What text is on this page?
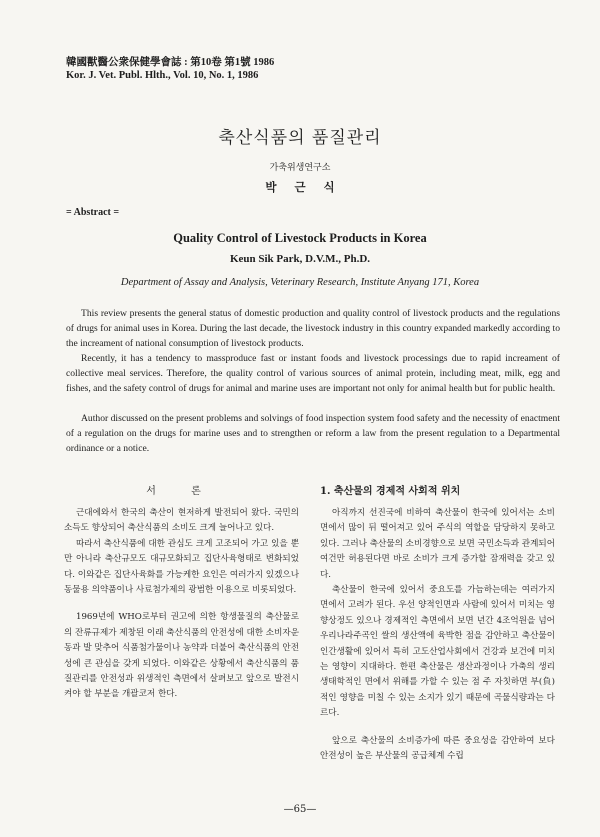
韓國獸醫公衆保健學會誌 : 第10卷 第1號 1986
Kor. J. Vet. Publ. Hlth., Vol. 10, No. 1, 1986
축산식품의 품질관리
가축위생연구소
박 근 식
= Abstract =
Quality Control of Livestock Products in Korea
Keun Sik Park, D.V.M., Ph.D.
Department of Assay and Analysis, Veterinary Research, Institute Anyang 171, Korea

This review presents the general status of domestic production and quality control of livestock products and the regulations of drugs for animal uses in Korea. During the last decade, the livestock industry in this country expanded markedly according to the increament of national consumption of livestock products.

Recently, it has a tendency to massproduce fast or instant foods and livestock processings due to rapid increament of collective meal services. Therefore, the quality control of various sources of animal protein, including meat, milk, egg and fishes, and the safety control of drugs for animal and marine uses are important not only for animal health but for public health.

Author discussed on the present problems and solvings of food inspection system food safety and the necessity of enactment of a regulation on the drugs for marine uses and to strengthen or reform a law from the present regulation to a Departmental ordinance or a notice.

서 론

근대에와서 한국의 축산이 현저하게 발전되어 왔다. 국민의 소득도 향상되어 축산식품의 소비도 크게 늘어나고 있다.

따라서 축산식품에 대한 관심도 크게 고조되어 가고 있을 뿐만 아니라 축산규모도 대규모화되고 집단사육형태로 변화되었다. 이와같은 집단사육화를 가능케한 요인은 여러가지 있겠으나 동물용 의약품이나 사료첨가제의 광범한 이용으로 비롯되었다.

1969년에 WHO로부터 권고에 의한 항생물질의 축산물로의 잔류규제가 제창된 이래 축산식품의 안전성에 대한 소비자운동과 발 맞추어 식품첨가물이나 농약과 더불어 축산식품의 안전성에 큰 관심을 갖게 되었다. 이와같은 상황에서 축산식품의 품질관리를 안전성과 위생적인 측면에서 살펴보고 앞으로 발전시켜야 할 부분을 개괄코저 한다.

1. 축산물의 경제적 사회적 위치

아직까지 선진국에 비하여 축산물이 한국에 있어서는 소비면에서 많이 뒤 떨어져고 있어 주식의 역할을 담당하지 못하고 있다. 그러나 축산물의 소비경향으로 보면 국민소득과 관계되어 여건만 허용된다면 바로 소비가 크게 증가할 잠재력을 갖고 있다.

축산물이 한국에 있어서 중요도를 가늠하는데는 여러가지 면에서 고려가 된다. 우선 양적인면과 사람에 있어서 미치는 영향상정도 있으나 경제적인 측면에서 보면 년간 4조억원을 넘어 우리나라주곡인 쌀의 생산액에 육박한 점을 감안하고 축산물이 인간생활에 있어서 특히 고도산업사회에서 건강과 보건에 미치는 영향이 지대하다. 한편 축산물은 생산과정이나 가축의 생리생태학적인 면에서 위해를 가할 수 있는 점 주 자칫하면 부(負)적인 영향을 미칠 수 있는 소지가 있기 때문에 곡물식량과는 다르다.

앞으로 축산물의 소비증가에 따른 중요성을 감안하여 보다 안전성이 높은 부산물의 공급체계 수립

—65—
